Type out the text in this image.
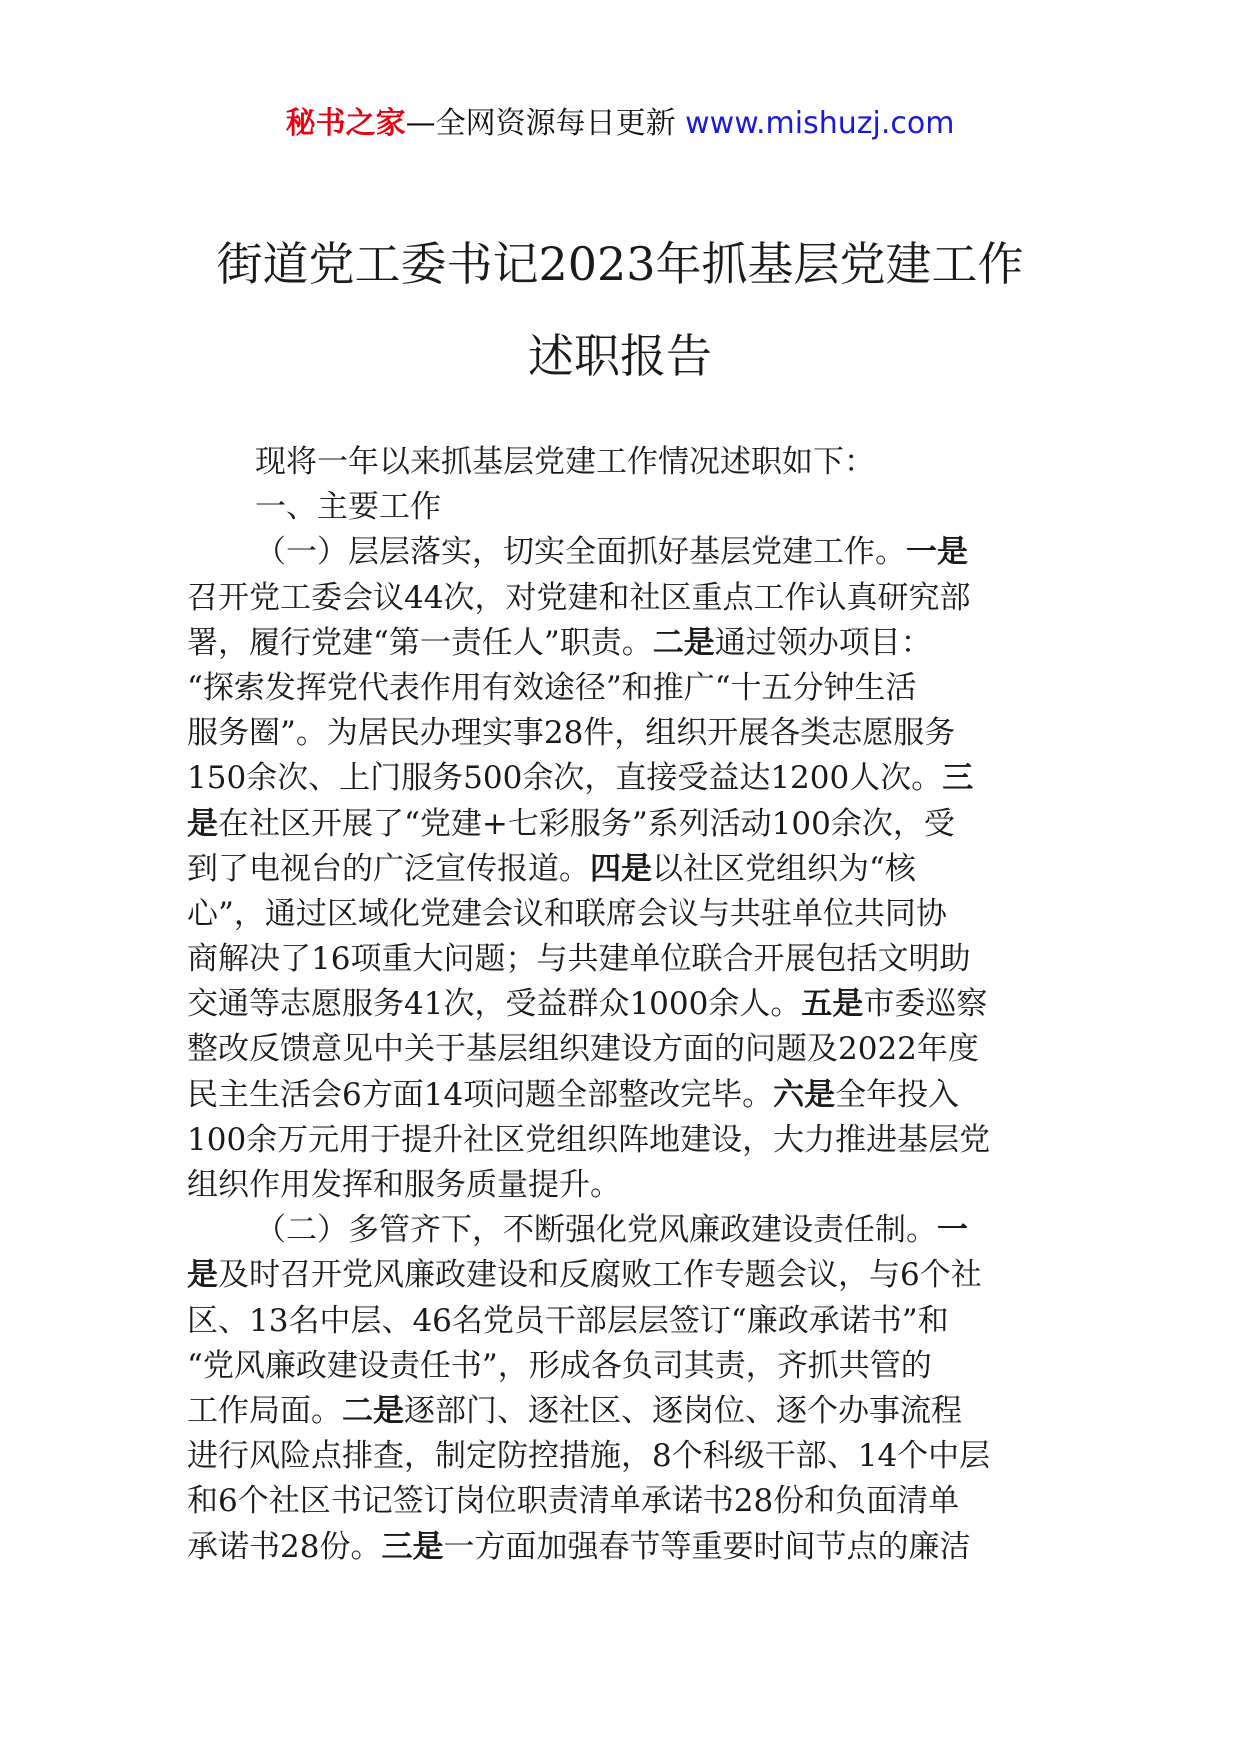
秘书之家—全网资源每日更新 www.mishuzj.com
街道党工委书记2023年抓基层党建工作
述职报告
现将一年以来抓基层党建工作情况述职如下：
一、主要工作
（一）层层落实，切实全面抓好基层党建工作。一是
召开党工委会议44次，对党建和社区重点工作认真研究部
署，履行党建“第一责任人”职责。二是通过领办项目：
“探索发挥党代表作用有效途径”和推广“十五分钟生活
服务圈”。为居民办理实事28件，组织开展各类志愿服务
150余次、上门服务500余次，直接受益达1200人次。三
是在社区开展了“党建+七彩服务”系列活动100余次，受
到了电视台的广泛宣传报道。四是以社区党组织为“核
心”，通过区域化党建会议和联席会议与共驻单位共同协
商解决了16项重大问题；与共建单位联合开展包括文明助
交通等志愿服务41次，受益群众1000余人。五是市委巡察
整改反馈意见中关于基层组织建设方面的问题及2022年度
民主生活会6方面14项问题全部整改完毕。六是全年投入
100余万元用于提升社区党组织阵地建设，大力推进基层党
组织作用发挥和服务质量提升。
（二）多管齐下，不断强化党风廉政建设责任制。一
是及时召开党风廉政建设和反腐败工作专题会议，与6个社
区、13名中层、46名党员干部层层签订“廉政承诺书”和
“党风廉政建设责任书”，形成各负司其责，齐抓共管的
工作局面。二是逐部门、逐社区、逐岗位、逐个办事流程
进行风险点排查，制定防控措施，8个科级干部、14个中层
和6个社区书记签订岗位职责清单承诺书28份和负面清单
承诺书28份。三是一方面加强春节等重要时间节点的廉洁
